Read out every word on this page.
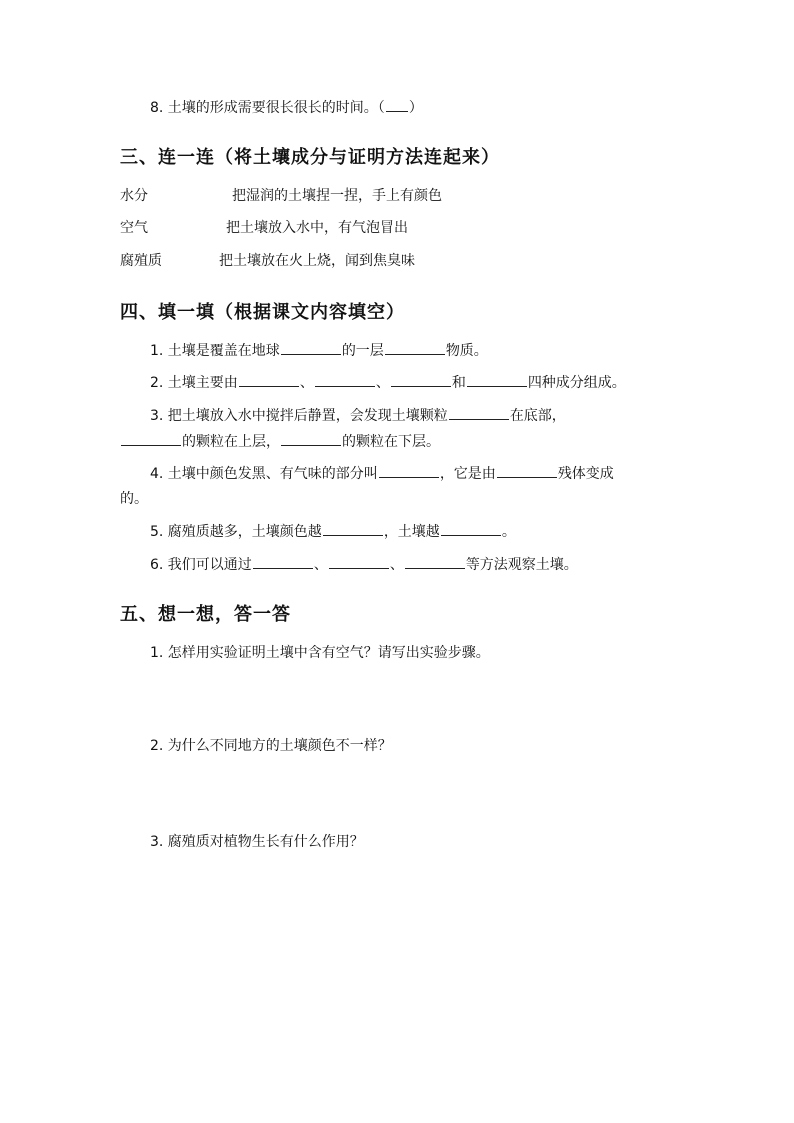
8. 土壤的形成需要很长很长的时间。（ ）
三、连一连（将土壤成分与证明方法连起来）
水分	把湿润的土壤捏一捏，手上有颜色
空气	把土壤放入水中，有气泡冒出
腐殖质	把土壤放在火上烧，闻到焦臭味
四、填一填（根据课文内容填空）
1. 土壤是覆盖在地球	的一层	物质。
2. 土壤主要由	、	、	和	四种成分组成。
3. 把土壤放入水中搅拌后静置，会发现土壤颗粒	在底部，
的颗粒在上层，	的颗粒在下层。
4. 土壤中颜色发黑、有气味的部分叫	，它是由	残体变成
的。
5. 腐殖质越多，土壤颜色越	，土壤越	。
6. 我们可以通过	、	、	等方法观察土壤。
五、想一想，答一答
1. 怎样用实验证明土壤中含有空气？请写出实验步骤。
2. 为什么不同地方的土壤颜色不一样？
3. 腐殖质对植物生长有什么作用？
